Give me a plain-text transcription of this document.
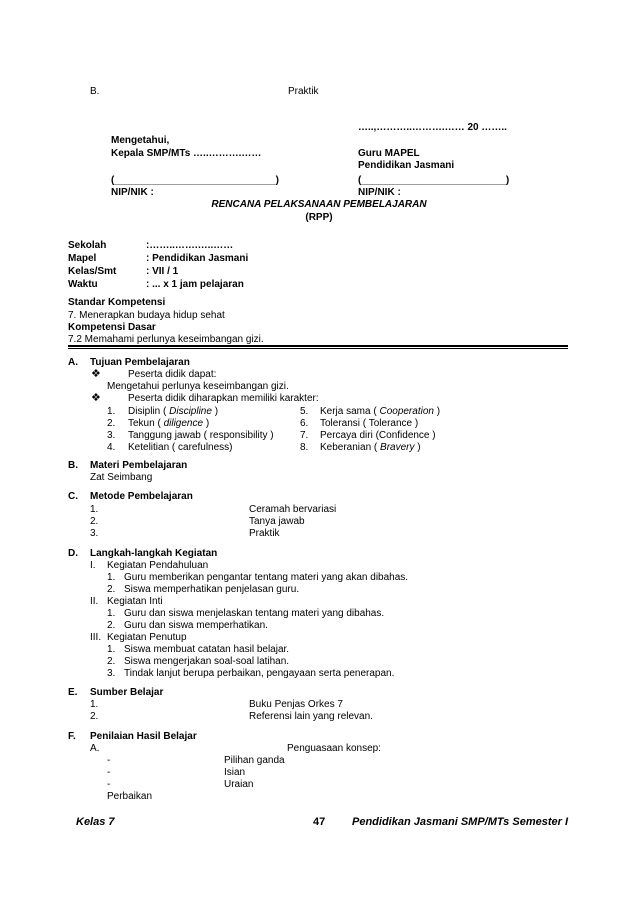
B.	Praktik
…..,………..……….…… 20 ……..
Mengetahui,
Kepala SMP/MTs …..……….……	Guru MAPEL
Pendidikan Jasmani
(_____________________________)	(__________________________)
NIP/NIK :	NIP/NIK :
RENCANA PELAKSANAAN PEMBELAJARAN
(RPP)
Sekolah	:……..…….…..……
Mapel	: Pendidikan Jasmani
Kelas/Smt	: VII / 1
Waktu	: ... x 1 jam pelajaran
Standar Kompetensi
7. Menerapkan budaya hidup sehat
Kompetensi Dasar
7.2 Memahami perlunya keseimbangan gizi.
A. Tujuan Pembelajaran
❖	Peserta didik dapat:
Mengetahui perlunya keseimbangan gizi.
❖	Peserta didik diharapkan memiliki karakter:
1. Disiplin ( Discipline )
2. Tekun ( diligence )
3. Tanggung jawab ( responsibility )
4. Ketelitian ( carefulness)
5. Kerja sama ( Cooperation )
6. Toleransi ( Tolerance )
7. Percaya diri (Confidence )
8. Keberanian ( Bravery )
B. Materi Pembelajaran
Zat Seimbang
C. Metode Pembelajaran
1.	Ceramah bervariasi
2.	Tanya jawab
3.	Praktik
D. Langkah-langkah Kegiatan
I. Kegiatan Pendahuluan
1. Guru memberikan pengantar tentang materi yang akan dibahas.
2. Siswa memperhatikan penjelasan guru.
II. Kegiatan Inti
1. Guru dan siswa menjelaskan tentang materi yang dibahas.
2. Guru dan siswa memperhatikan.
III. Kegiatan Penutup
1. Siswa membuat catatan hasil belajar.
2. Siswa mengerjakan soal-soal latihan.
3. Tindak lanjut berupa perbaikan, pengayaan serta penerapan.
E. Sumber Belajar
1.	Buku Penjas Orkes 7
2.	Referensi lain yang relevan.
F. Penilaian Hasil Belajar
A.	Penguasaan konsep:
-	Pilihan ganda
-	Isian
-	Uraian
Perbaikan
Kelas 7	47 Pendidikan Jasmani SMP/MTs Semester I
